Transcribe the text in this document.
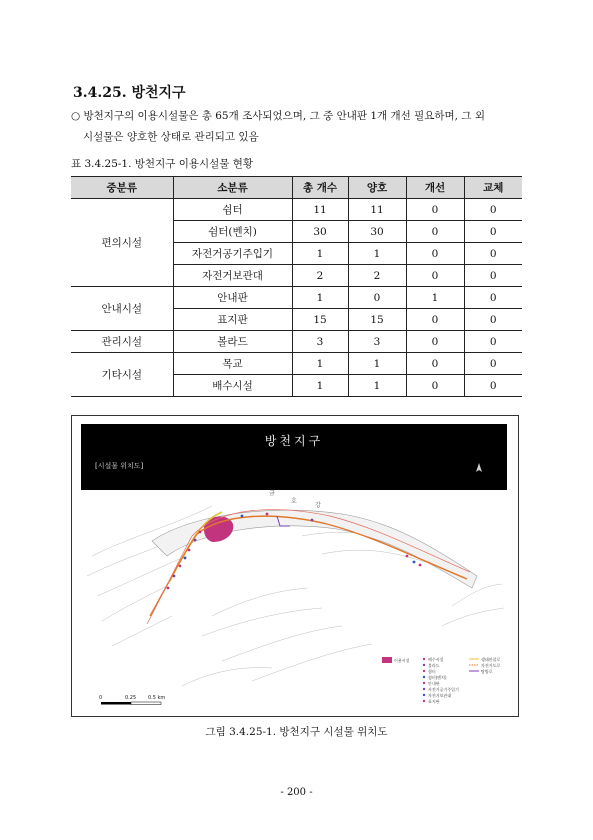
3.4.25. 방천지구
○ 방천지구의 이용시설물은 총 65개 조사되었으며, 그 중 안내판 1개 개선 필요하며, 그 외
시설물은 양호한 상태로 관리되고 있음
표 3.4.25-1. 방천지구 이용시설물 현황
중분류	소분류	총 개수	양호	개선	교체
편의시설	쉼터	11	11	0	0
	쉼터(벤치)	30	30	0	0
	자전거공기주입기	1	1	0	0
	자전거보관대	2	2	0	0
안내시설	안내판	1	0	1	0
	표지판	15	15	0	0
관리시설	볼라드	3	3	0	0
기타시설	목교	1	1	0	0
	배수시설	1	1	0	0
금
호
강
이용시설	배수시설
볼라드
쉼터
쉼터(벤치)
안내판
자전거공기주입기
자전거보관대
표지판
생태관찰로
자전거도로
탐방로
0	0.25 0.5 km
방천지구
[시설물 위치도]
그림 3.4.25-1. 방천지구 시설물 위치도
- 200 -
